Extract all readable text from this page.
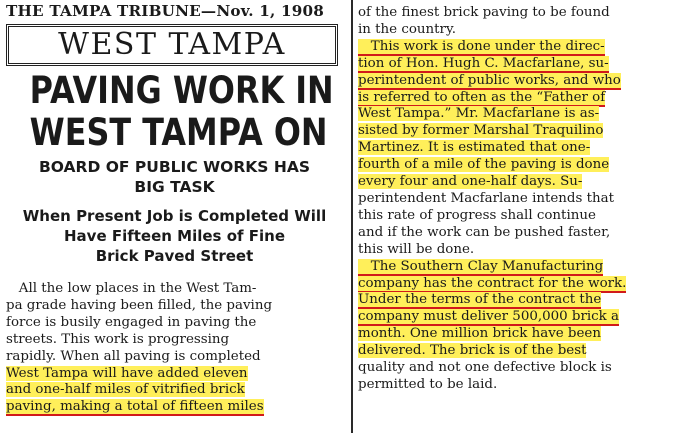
THE TAMPA TRIBUNE—Nov. 1, 1908
WEST TAMPA
PAVING WORK IN
WEST TAMPA ON
BOARD OF PUBLIC WORKS HAS
BIG TASK
When Present Job is Completed Will
Have Fifteen Miles of Fine
Brick Paved Street
All the low places in the West Tam-
pa grade having been filled, the paving
force is busily engaged in paving the
streets. This work is progressing
rapidly. When all paving is completed
West Tampa will have added eleven
and one-half miles of vitrified brick
paving, making a total of fifteen miles
of the finest brick paving to be found
in the country.
This work is done under the direc-
tion of Hon. Hugh C. Macfarlane, su-
perintendent of public works, and who
is referred to often as the “Father of
West Tampa.” Mr. Macfarlane is as-
sisted by former Marshal Traquilino
Martinez. It is estimated that one-
fourth of a mile of the paving is done
every four and one-half days. Su-
perintendent Macfarlane intends that
this rate of progress shall continue
and if the work can be pushed faster,
this will be done.
The Southern Clay Manufacturing
company has the contract for the work.
Under the terms of the contract the
company must deliver 500,000 brick a
month. One million brick have been
delivered. The brick is of the best
quality and not one defective block is
permitted to be laid.
